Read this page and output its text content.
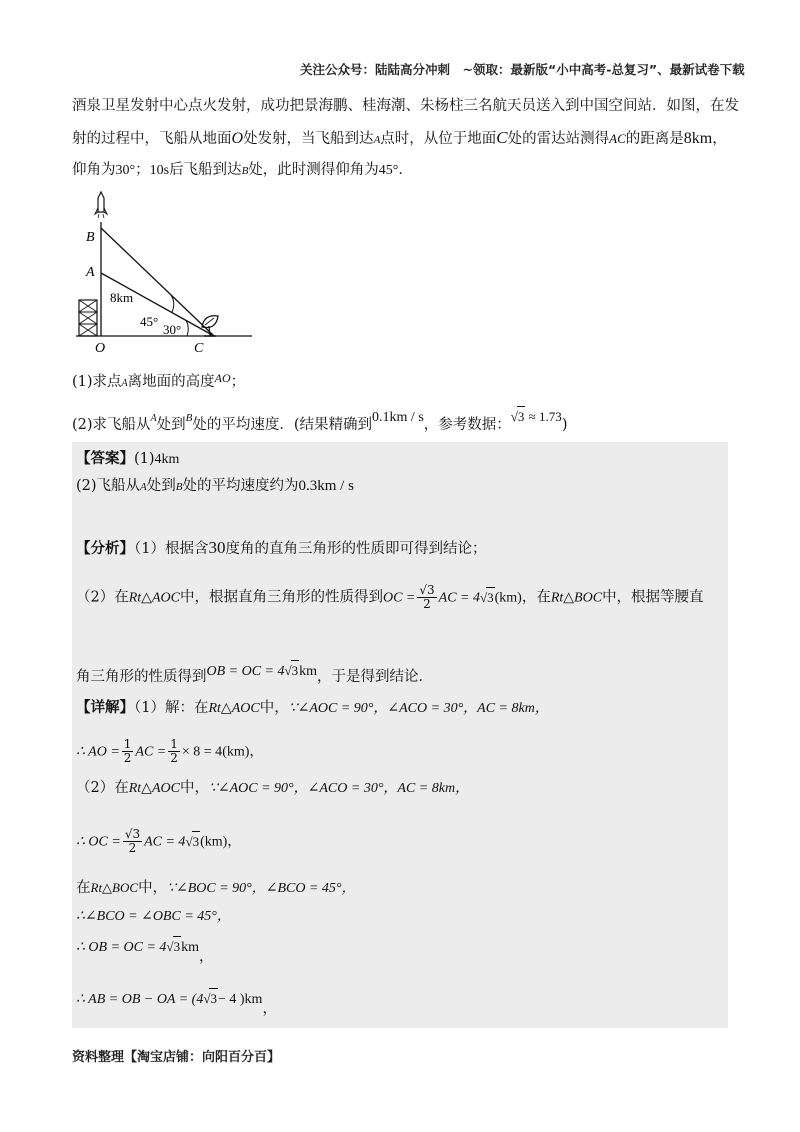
关注公众号：陆陆高分冲刺　~领取：最新版“小中高考-总复习”、最新试卷下载
酒泉卫星发射中心点火发射，成功把景海鹏、桂海潮、朱杨柱三名航天员送入到中国空间站．如图，在发
射的过程中，飞船从地面O处发射，当飞船到达A点时，从位于地面C处的雷达站测得AC的距离是8km，
仰角为30°；10s后飞船到达B处，此时测得仰角为45°．
B
A
8km
45°
30°
O	C
(1)求点A离地面的高度$^{AO}$；
(2)求飞船从$^A$处到$^B$处的平均速度．(结果精确到0.1km / s，参考数据：√3 ≈ 1.73)
【答案】(1)4km
(2)飞船从A处到B处的平均速度约为0.3km / s
【分析】（1）根据含30度角的直角三角形的性质即可得到结论；
（2）在Rt△AOC中，根据直角三角形的性质得到OC = $\frac{√3}{2}$ AC = 4√3(km)，在Rt△BOC中，根据等腰直
角三角形的性质得到OB = OC = 4√3km，于是得到结论．
【详解】（1）解：在Rt△AOC中，∵∠AOC = 90°，∠ACO = 30°，AC = 8km，
∴ AO = $\frac{1}{2}$ AC = $\frac{1}{2} \times 8 = 4(km)$，
（2）在Rt△AOC中，∵∠AOC = 90°，∠ACO = 30°，AC = 8km，
∴ OC = $\frac{√3}{2}$ AC = 4√3(km)，
在Rt△BOC中，∵∠BOC = 90°，∠BCO = 45°，
∴∠BCO = ∠OBC = 45°，
∴ OB = OC = 4√3km，
∴ AB = OB − OA = (4√3− 4 )km，
资料整理【淘宝店铺：向阳百分百】
